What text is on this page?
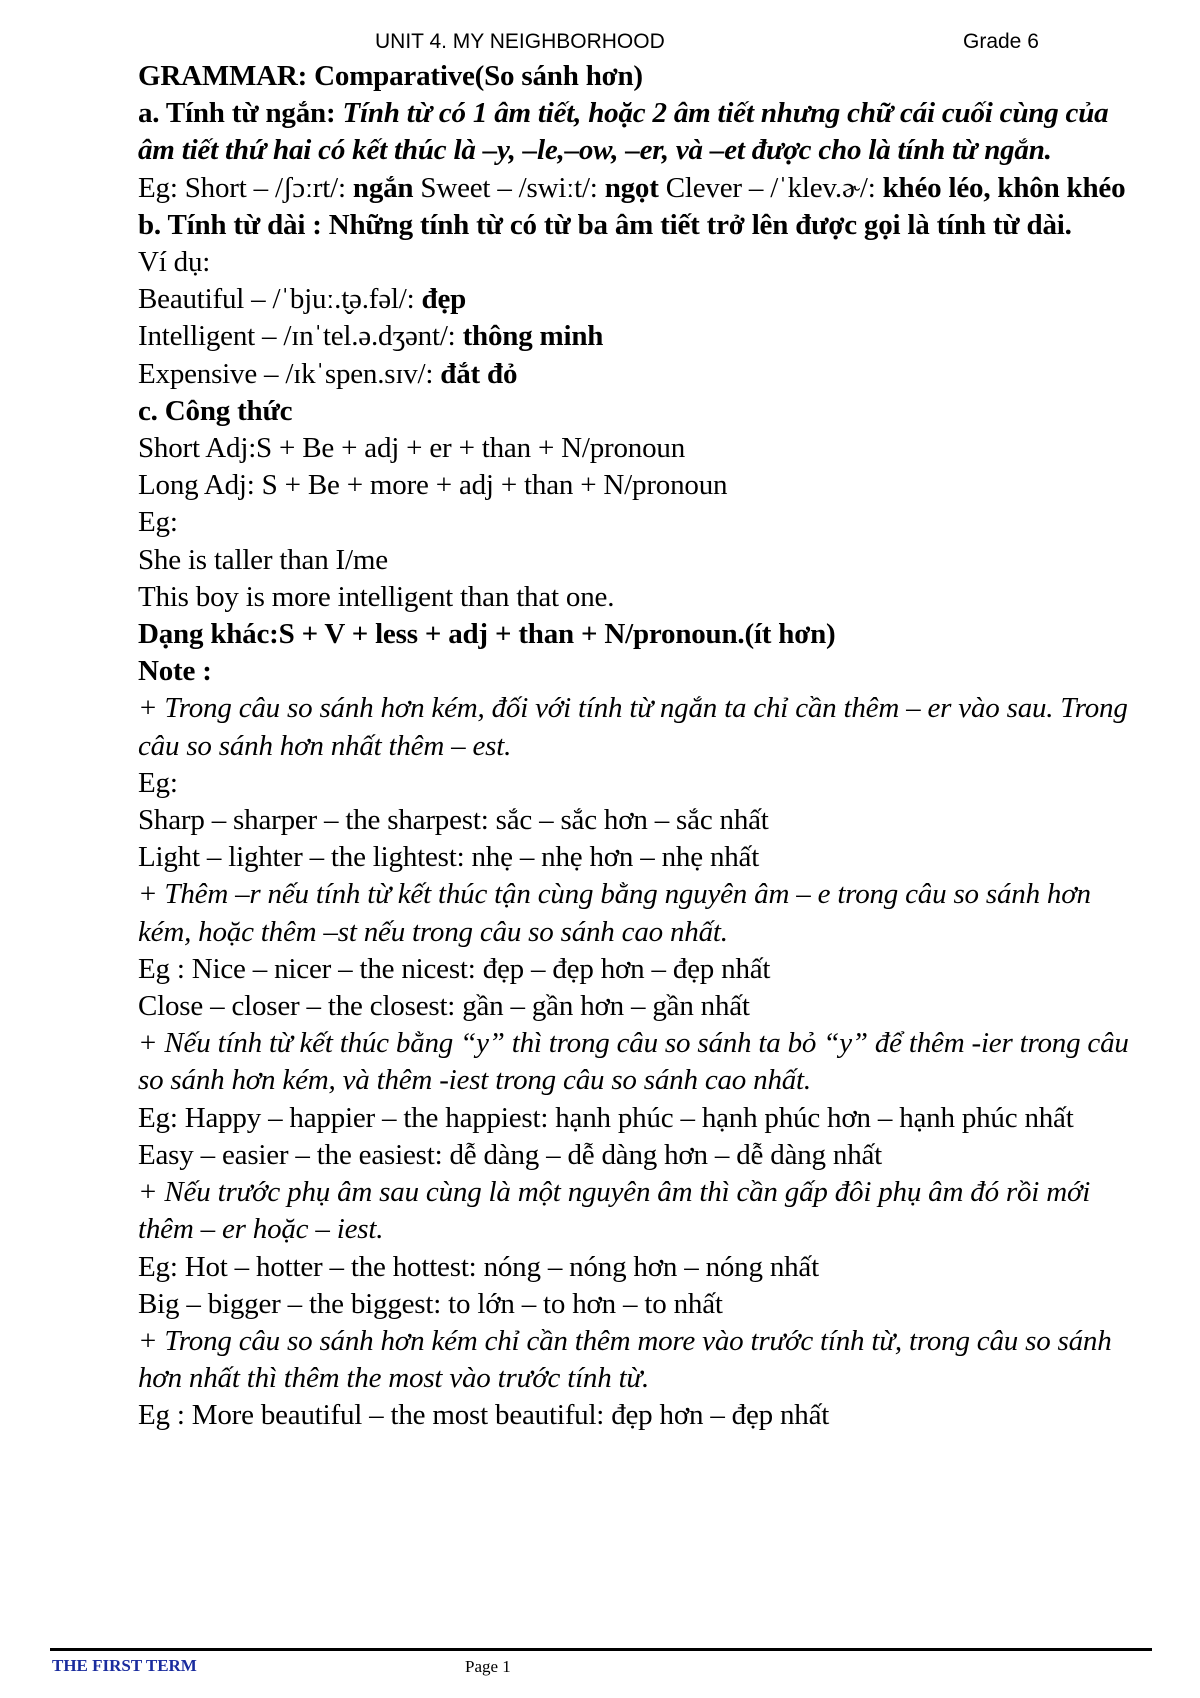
UNIT 4. MY NEIGHBORHOOD	Grade 6

GRAMMAR: Comparative(So sánh hơn)

a. Tính từ ngắn: Tính từ có 1 âm tiết, hoặc 2 âm tiết nhưng chữ cái cuối cùng của âm tiết thứ hai có kết thúc là –y, –le,–ow, –er, và –et được cho là tính từ ngắn.

Eg: Short – /ʃɔːrt/: ngắn Sweet – /swiːt/: ngọt Clever – /ˈklev.ɚ/: khéo léo, khôn khéo

b. Tính từ dài : Những tính từ có từ ba âm tiết trở lên được gọi là tính từ dài.

Ví dụ:

Beautiful – /ˈbjuː.t̬ə.fəl/: đẹp

Intelligent – /ɪnˈtel.ə.dʒənt/: thông minh

Expensive – /ɪkˈspen.sɪv/: đắt đỏ

c. Công thức

Short Adj:S + Be + adj + er + than + N/pronoun

Long Adj: S + Be + more + adj + than + N/pronoun

Eg:

She is taller than I/me

This boy is more intelligent than that one.

Dạng khác:S + V + less + adj + than + N/pronoun.(ít hơn)

Note :

+ Trong câu so sánh hơn kém, đối với tính từ ngắn ta chỉ cần thêm – er vào sau. Trong câu so sánh hơn nhất thêm – est.

Eg:

Sharp – sharper – the sharpest: sắc – sắc hơn – sắc nhất

Light – lighter – the lightest: nhẹ – nhẹ hơn – nhẹ nhất

+ Thêm –r nếu tính từ kết thúc tận cùng bằng nguyên âm – e trong câu so sánh hơn kém, hoặc thêm –st nếu trong câu so sánh cao nhất.

Eg : Nice – nicer – the nicest: đẹp – đẹp hơn – đẹp nhất

Close – closer – the closest: gần – gần hơn – gần nhất

+ Nếu tính từ kết thúc bằng “y” thì trong câu so sánh ta bỏ “y” để thêm -ier trong câu so sánh hơn kém, và thêm -iest trong câu so sánh cao nhất.

Eg: Happy – happier – the happiest: hạnh phúc – hạnh phúc hơn – hạnh phúc nhất

Easy – easier – the easiest: dễ dàng – dễ dàng hơn – dễ dàng nhất

+ Nếu trước phụ âm sau cùng là một nguyên âm thì cần gấp đôi phụ âm đó rồi mới thêm – er hoặc – iest.

Eg: Hot – hotter – the hottest: nóng – nóng hơn – nóng nhất

Big – bigger – the biggest: to lớn – to hơn – to nhất

+ Trong câu so sánh hơn kém chỉ cần thêm more vào trước tính từ, trong câu so sánh hơn nhất thì thêm the most vào trước tính từ.

Eg : More beautiful – the most beautiful: đẹp hơn – đẹp nhất

THE FIRST TERM	Page 1
